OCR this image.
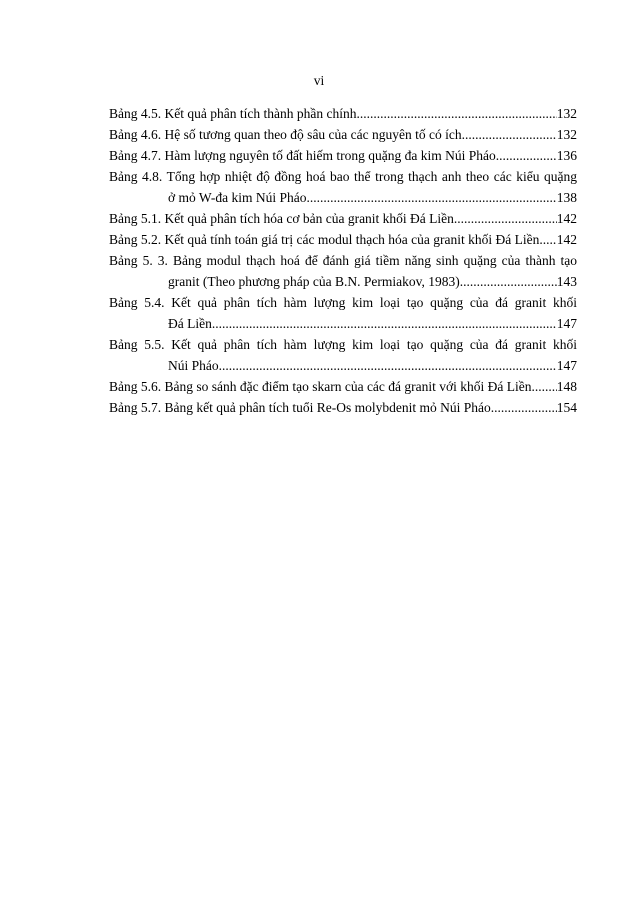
vi
Bảng 4.5. Kết quả phân tích thành phần chính .....	132
Bảng 4.6. Hệ số tương quan theo độ sâu của các nguyên tố có ích .....	132
Bảng 4.7. Hàm lượng nguyên tố đất hiếm trong quặng đa kim Núi Pháo .....	136
Bảng 4.8. Tổng hợp nhiệt độ đồng hoá bao thể trong thạch anh theo các kiểu quặng
ở mỏ W-đa kim Núi Pháo .....	138
Bảng 5.1. Kết quả phân tích hóa cơ bản của granit khối Đá Liền .....	142
Bảng 5.2. Kết quả tính toán giá trị các modul thạch hóa của granit khối Đá Liền ..... 142
Bảng 5. 3. Bảng modul thạch hoá để đánh giá tiềm năng sinh quặng của thành tạo
granit (Theo phương pháp của B.N. Permiakov, 1983) .....	143
Bảng 5.4. Kết quả phân tích hàm lượng kim loại tạo quặng của đá granit khối
Đá Liền .....	147
Bảng 5.5. Kết quả phân tích hàm lượng kim loại tạo quặng của đá granit khối
Núi Pháo .....	147
Bảng 5.6. Bảng so sánh đặc điểm tạo skarn của các đá granit với khối Đá Liền ..... 148
Bảng 5.7. Bảng kết quả phân tích tuổi Re-Os molybdenit mỏ Núi Pháo .....	154
